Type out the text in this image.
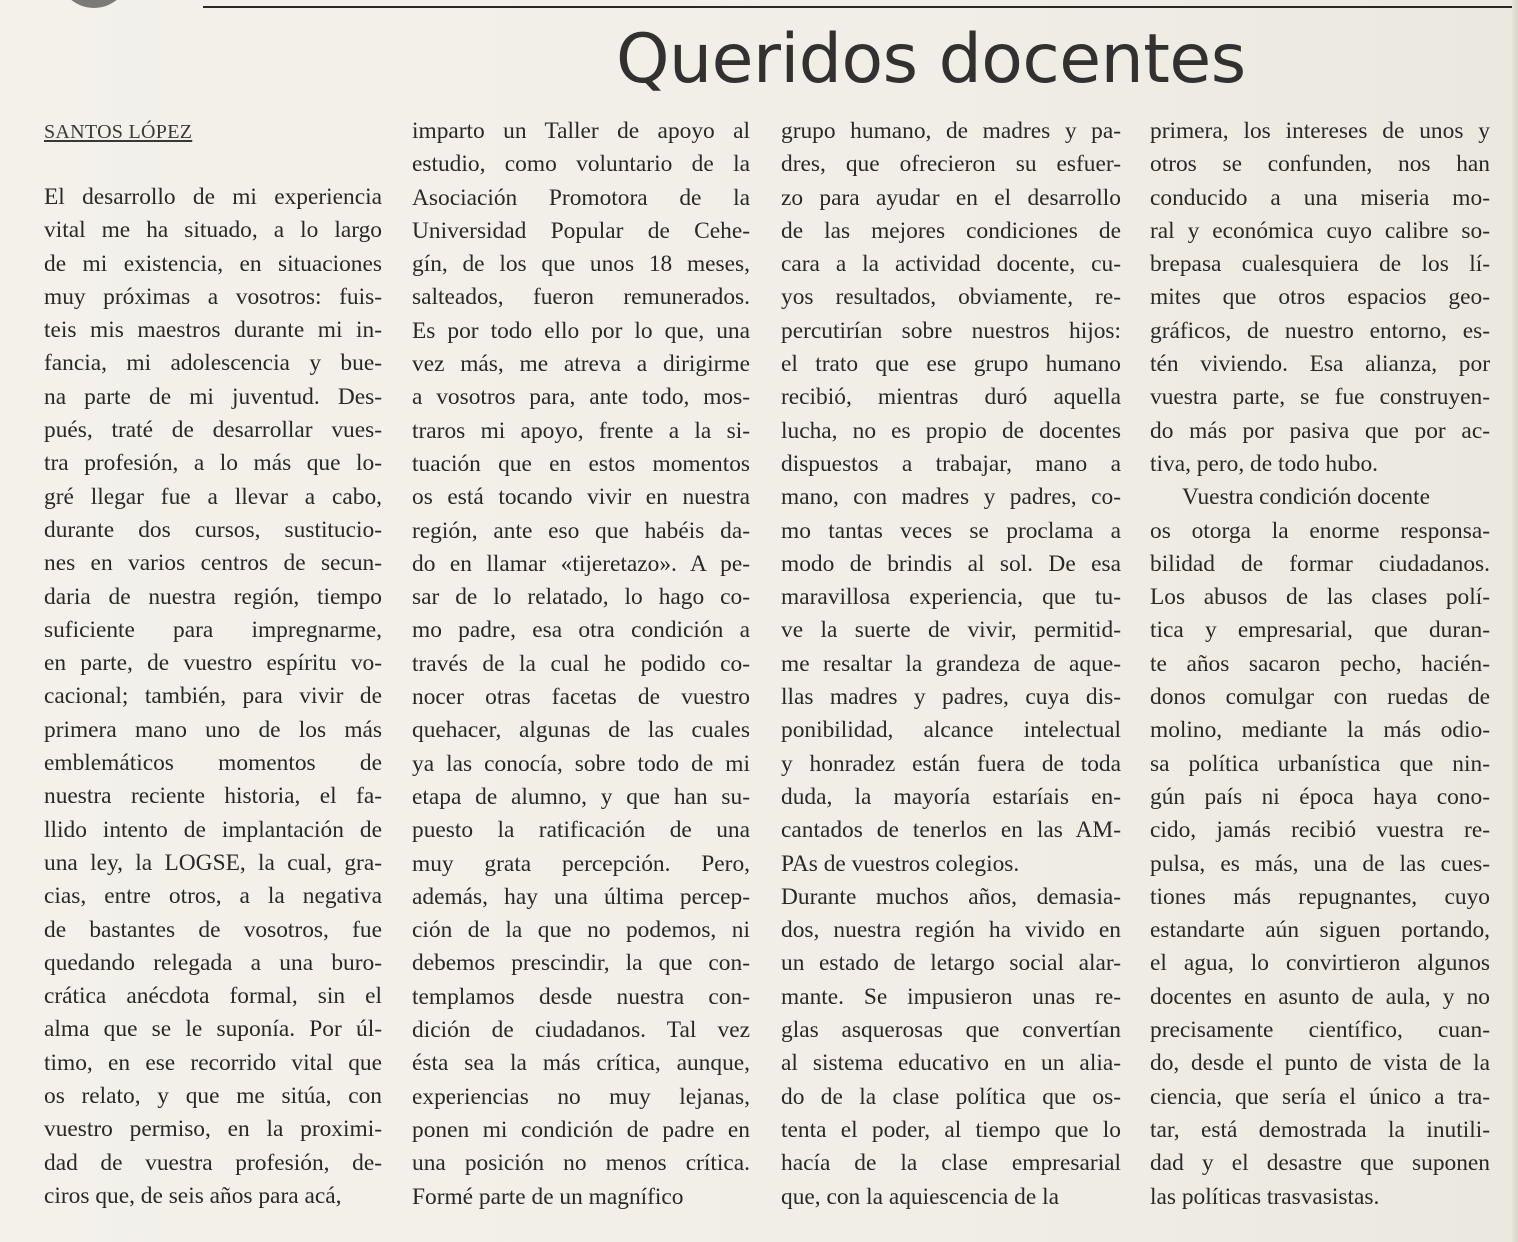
Queridos docentes
SANTOS LÓPEZ
El desarrollo de mi experiencia
vital me ha situado, a lo largo
de mi existencia, en situaciones
muy próximas a vosotros: fuis-
teis mis maestros durante mi in-
fancia, mi adolescencia y bue-
na parte de mi juventud. Des-
pués, traté de desarrollar vues-
tra profesión, a lo más que lo-
gré llegar fue a llevar a cabo,
durante dos cursos, sustitucio-
nes en varios centros de secun-
daria de nuestra región, tiempo
suficiente para impregnarme,
en parte, de vuestro espíritu vo-
cacional; también, para vivir de
primera mano uno de los más
emblemáticos momentos de
nuestra reciente historia, el fa-
llido intento de implantación de
una ley, la LOGSE, la cual, gra-
cias, entre otros, a la negativa
de bastantes de vosotros, fue
quedando relegada a una buro-
crática anécdota formal, sin el
alma que se le suponía. Por úl-
timo, en ese recorrido vital que
os relato, y que me sitúa, con
vuestro permiso, en la proximi-
dad de vuestra profesión, de-
ciros que, de seis años para acá,
imparto un Taller de apoyo al
estudio, como voluntario de la
Asociación Promotora de la
Universidad Popular de Cehe-
gín, de los que unos 18 meses,
salteados, fueron remunerados.
Es por todo ello por lo que, una
vez más, me atreva a dirigirme
a vosotros para, ante todo, mos-
traros mi apoyo, frente a la si-
tuación que en estos momentos
os está tocando vivir en nuestra
región, ante eso que habéis da-
do en llamar «tijeretazo». A pe-
sar de lo relatado, lo hago co-
mo padre, esa otra condición a
través de la cual he podido co-
nocer otras facetas de vuestro
quehacer, algunas de las cuales
ya las conocía, sobre todo de mi
etapa de alumno, y que han su-
puesto la ratificación de una
muy grata percepción. Pero,
además, hay una última percep-
ción de la que no podemos, ni
debemos prescindir, la que con-
templamos desde nuestra con-
dición de ciudadanos. Tal vez
ésta sea la más crítica, aunque,
experiencias no muy lejanas,
ponen mi condición de padre en
una posición no menos crítica.
Formé parte de un magnífico
grupo humano, de madres y pa-
dres, que ofrecieron su esfuer-
zo para ayudar en el desarrollo
de las mejores condiciones de
cara a la actividad docente, cu-
yos resultados, obviamente, re-
percutirían sobre nuestros hijos:
el trato que ese grupo humano
recibió, mientras duró aquella
lucha, no es propio de docentes
dispuestos a trabajar, mano a
mano, con madres y padres, co-
mo tantas veces se proclama a
modo de brindis al sol. De esa
maravillosa experiencia, que tu-
ve la suerte de vivir, permitid-
me resaltar la grandeza de aque-
llas madres y padres, cuya dis-
ponibilidad, alcance intelectual
y honradez están fuera de toda
duda, la mayoría estaríais en-
cantados de tenerlos en las AM-
PAs de vuestros colegios.
Durante muchos años, demasia-
dos, nuestra región ha vivido en
un estado de letargo social alar-
mante. Se impusieron unas re-
glas asquerosas que convertían
al sistema educativo en un alia-
do de la clase política que os-
tenta el poder, al tiempo que lo
hacía de la clase empresarial
que, con la aquiescencia de la
primera, los intereses de unos y
otros se confunden, nos han
conducido a una miseria mo-
ral y económica cuyo calibre so-
brepasa cualesquiera de los lí-
mites que otros espacios geo-
gráficos, de nuestro entorno, es-
tén viviendo. Esa alianza, por
vuestra parte, se fue construyen-
do más por pasiva que por ac-
tiva, pero, de todo hubo.
Vuestra condición docente
os otorga la enorme responsa-
bilidad de formar ciudadanos.
Los abusos de las clases polí-
tica y empresarial, que duran-
te años sacaron pecho, hacién-
donos comulgar con ruedas de
molino, mediante la más odio-
sa política urbanística que nin-
gún país ni época haya cono-
cido, jamás recibió vuestra re-
pulsa, es más, una de las cues-
tiones más repugnantes, cuyo
estandarte aún siguen portando,
el agua, lo convirtieron algunos
docentes en asunto de aula, y no
precisamente científico, cuan-
do, desde el punto de vista de la
ciencia, que sería el único a tra-
tar, está demostrada la inutili-
dad y el desastre que suponen
las políticas trasvasistas.
